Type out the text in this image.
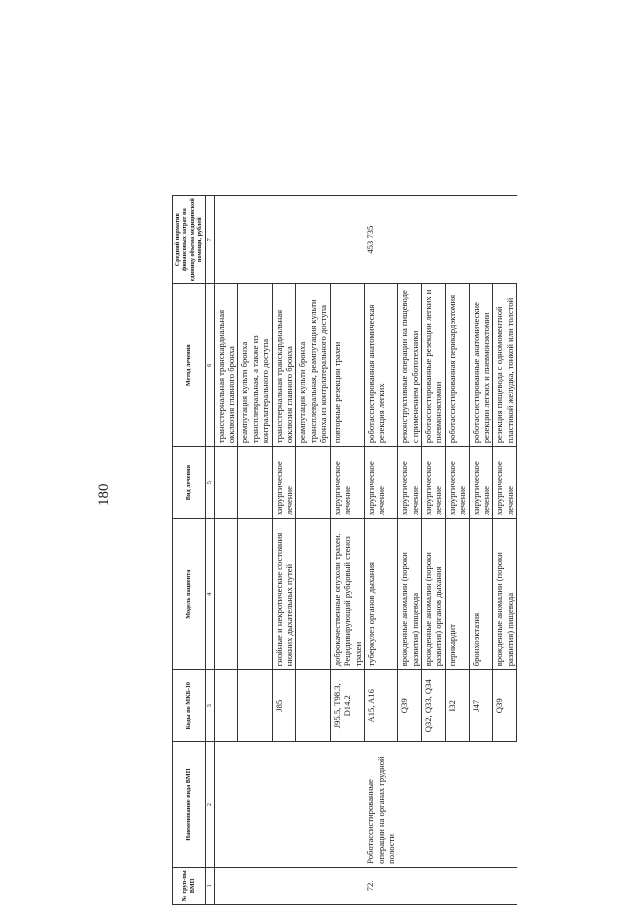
180
№ груп-пы ВМП	Наименование вида ВМП	Коды по МКБ-10	Модель пациента	Вид лечения	Метод лечения	Средний норматив финансовых затрат на единицу объема медицинской помощи, рублей
1	2	3	4	5	6	7
					трансстернальная транскардиальная окклюзия главного бронха	
					реампутация культи бронха трансплевральная, а также из контралатерального доступа	
		J85	гнойные и некротические состояния нижних дыхательных путей	хирургическое лечение	трансстернальная транскардиальная окклюзия главного бронха	
					реампутация культи бронха трансплевральная, реампутация культи бронха из контрлатерального доступа	
		J95.5, T98.3, D14.2	доброкачественные опухоли трахеи. Рецидивирующий рубцовый стеноз трахеи	хирургическое лечение	повторные резекции трахеи	
72.	Роботассистированные операции на органах грудной полости	A15, A16	туберкулез органов дыхания	хирургическое лечение	роботассистированная анатомическая резекция легких	453 735
		Q39	врожденные аномалии (пороки развития) пищевода	хирургическое лечение	реконструктивные операции на пищеводе с применением робототехники	
		Q32, Q33, Q34	врожденные аномалии (пороки развития) органов дыхания	хирургическое лечение	роботассистированные резекции легких и пневмонэктомии	
		I32	перикардит	хирургическое лечение	роботассистированная перикардэктомия	
		J47	бронхоэктазия	хирургическое лечение	роботассистированные анатомические резекции легких и пневмонэктомии	
		Q39	врожденные аномалии (пороки развития) пищевода	хирургическое лечение	резекция пищевода с одномоментной пластикой желудка, тонкой или толстой	
